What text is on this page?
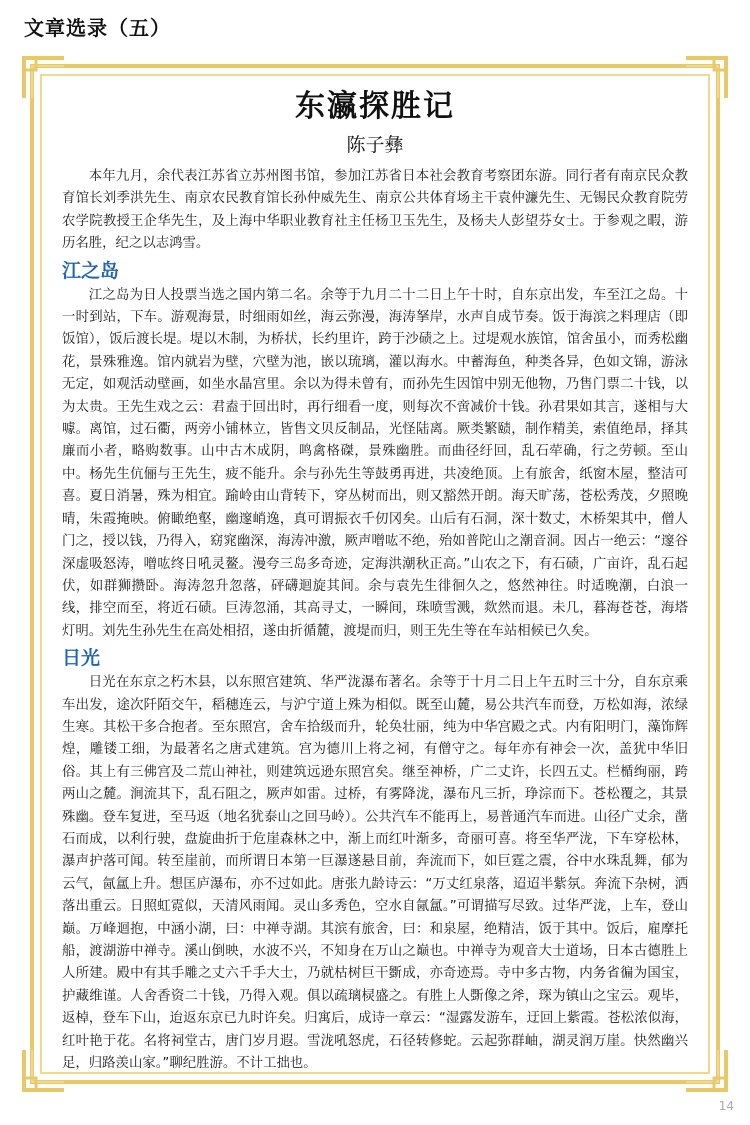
文章选录（五）
东瀛探胜记
陈子彝

本年九月，余代表江苏省立苏州图书馆，参加江苏省日本社会教育考察团东游。同行者有南京民众教育馆长刘季洪先生、南京农民教育馆长孙仲威先生、南京公共体育场主干袁仲濂先生、无锡民众教育院劳农学院教授王企华先生，及上海中华职业教育社主任杨卫玉先生，及杨夫人彭望芬女士。于参观之暇，游历名胜，纪之以志鸿雪。

江之岛

江之岛为日人投票当选之国内第二名。余等于九月二十二日上午十时，自东京出发，车至江之岛。十一时到站，下车。游观海景，时细雨如丝，海云弥漫，海涛拏岸，水声自成节奏。饭于海滨之料理店（即饭馆），饭后渡长堤。堤以木制，为桥状，长约里许，跨于沙碛之上。过堤观水族馆，馆舍虽小，而秀松幽花，景殊雅逸。馆内就岩为壁，穴壁为池，嵌以琉璃，灌以海水。中蓄海鱼，种类各异，色如文锦，游泳无定，如观活动壁画，如坐水晶宫里。余以为得未曾有，而孙先生因馆中别无他物，乃售门票二十钱，以为太贵。王先生戏之云：君盍于回出时，再行细看一度，则每次不啻减价十钱。孙君果如其言，遂相与大噱。离馆，过石衢，两旁小铺林立，皆售文贝反制品，光怪陆离。厥类繁赜，制作精美，索值绝昂，择其廉而小者，略购数事。山中古木成阴，鸣禽格磔，景殊幽胜。而曲径纡回，乱石荦确，行之劳顿。至山中。杨先生伉俪与王先生，疲不能升。余与孙先生等鼓勇再进，共凌绝顶。上有旅舍，纸窗木屋，整洁可喜。夏日消暑，殊为相宜。踰岭由山背转下，穿丛树而出，则又豁然开朗。海天旷荡，苍松秀茂，夕照晚晴，朱霞掩映。俯瞰绝壑，幽邃峭逸，真可谓振衣千仞冈矣。山后有石洞，深十数丈，木桥架其中，僧人门之，授以钱，乃得入，窈窕幽深，海涛冲激，厥声噌吰不绝，殆如普陀山之潮音洞。因占一绝云：“邃谷深虚吸怒涛，噌吰终日吼灵鳌。漫夸三岛多奇迹，定海洪潮秋正高。”山农之下，有石碛，广亩许，乱石起伏，如群狮攒卧。海涛忽升忽落，砰礴迴旋其间。余与袁先生徘徊久之，悠然神往。时适晚潮，白浪一线，排空而至，将近石碛。巨涛忽涌，其高寻丈，一瞬间，珠喷雪溅，欻然而退。未几，暮海苍苍，海塔灯明。刘先生孙先生在高处相招，遂由折循麓，渡堤而归，则王先生等在车站相候已久矣。

日光

日光在东京之朽木县，以东照宫建筑、华严泷瀑布著名。余等于十月二日上午五时三十分，自东京乘车出发，途次阡陌交午，稻穗连云，与沪宁道上殊为相似。既至山麓，易公共汽车而登，万松如海，浓绿生寒。其松干多合抱者。至东照宫，舍车拾级而升，轮奂壮丽，纯为中华宫殿之式。内有阳明门，藻饰辉煌，雕镂工细，为最著名之唐式建筑。宫为德川上将之祠，有僧守之。每年亦有神会一次，盖犹中华旧俗。其上有三佛宫及二荒山神社，则建筑远逊东照宫矣。继至神桥，广二丈许，长四五丈。栏楯绚丽，跨两山之麓。涧流其下，乱石阻之，厥声如雷。过桥，有雾降泷，瀑布凡三折，琤淙而下。苍松覆之，其景殊幽。登车复进，至马返（地名犹泰山之回马岭）。公共汽车不能再上，易普通汽车而进。山径广丈余，凿石而成，以利行驶，盘旋曲折于危崖森林之中，渐上而红叶渐多，奇丽可喜。将至华严泷，下车穿松林，瀑声护落可闻。转至崖前，而所谓日本第一巨瀑遂悬目前，奔流而下，如巨霆之震，谷中水珠乱舞，郁为云气，氤氲上升。想匡庐瀑布，亦不过如此。唐张九龄诗云：“万丈红泉落，迢迢半紫氛。奔流下杂树，洒落出重云。日照虹霓似，天清风雨闻。灵山多秀色，空水自氤氲。”可谓描写尽致。过华严泷，上车，登山巅。万峰迴抱，中涵小湖，曰：中禅寺湖。其滨有旅舍，曰：和泉屋，绝精洁，饭于其中。饭后，雇摩托船，渡湖游中禅寺。溪山倒映，水波不兴，不知身在万山之巅也。中禅寺为观音大士道场，日本古德胜上人所建。殿中有其手雕之丈六千手大士，乃就枯树巨干斵成，亦奇迹焉。寺中多古物，内务省徧为国宝，护藏维谨。人舍香资二十钱，乃得入观。俱以疏璃棂盛之。有胜上人斲像之斧，琛为镇山之宝云。观毕，返棹，登车下山，迨返东京已九时许矣。归寓后，成诗一章云：“湿露发游车，迂回上紫霞。苍松浓似海，红叶艳于花。名将祠堂古，唐门岁月遐。雪泷吼怒虎，石径转修蛇。云起弥群岫，湖灵润万崖。快然幽兴足，归路羡山家。”聊纪胜游。不计工拙也。

14
